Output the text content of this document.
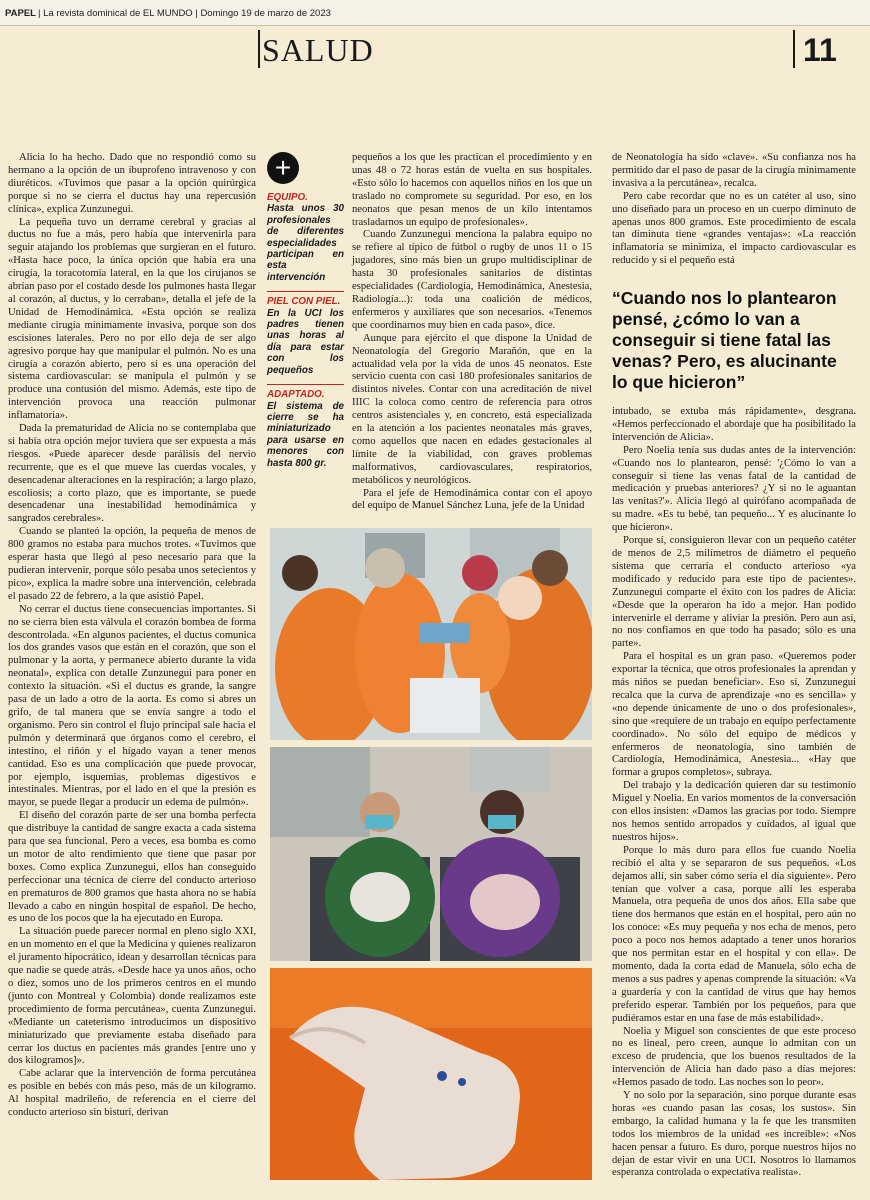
PAPEL | La revista dominical de EL MUNDO | Domingo 19 de marzo de 2023
SALUD	11

Alicia lo ha hecho. Dado que no respondió como su hermano a la opción de un ibuprofeno intravenoso y con diuréticos. «Tuvimos que pasar a la opción quirúrgica porque si no se cierra el ductus hay una repercusión clínica», explica Zunzunegui.

La pequeña tuvo un derrame cerebral y gracias al ductus no fue a más, pero había que intervenirla para seguir atajando los problemas que surgieran en el futuro. «Hasta hace poco, la única opción que había era una cirugía, la toracotomía lateral, en la que los cirujanos se abrían paso por el costado desde los pulmones hasta llegar al corazón, al ductus, y lo cerraban», detalla el jefe de la Unidad de Hemodinámica. «Esta opción se realiza mediante cirugía mínimamente invasiva, porque son dos escisiones laterales. Pero no por ello deja de ser algo agresivo porque hay que manipular el pulmón. No es una cirugía a corazón abierto, pero sí es una operación del sistema cardiovascular: se manipula el pulmón y se produce una contusión del mismo. Además, este tipo de intervención provoca una reacción pulmonar inflamatoria».

Dada la prematuridad de Alicia no se contemplaba que si había otra opción mejor tuviera que ser expuesta a más riesgos. «Puede aparecer desde parálisis del nervio recurrente, que es el que mueve las cuerdas vocales, y desencadenar alteraciones en la respiración; a largo plazo, escoliosis; a corto plazo, que es importante, se puede desencadenar una inestabilidad hemodinámica y sangrados cerebrales».

Cuando se planteó la opción, la pequeña de menos de 800 gramos no estaba para muchos trotes. «Tuvimos que esperar hasta que llegó al peso necesario para que la pudieran intervenir, porque sólo pesaba unos setecientos y pico», explica la madre sobre una intervención, celebrada el pasado 22 de febrero, a la que asistió Papel.

No cerrar el ductus tiene consecuencias importantes. Si no se cierra bien esta válvula el corazón bombea de forma descontrolada. «En algunos pacientes, el ductus comunica los dos grandes vasos que están en el corazón, que son el pulmonar y la aorta, y permanece abierto durante la vida neonatal», explica con detalle Zunzunegui para poner en contexto la situación. «Si el ductus es grande, la sangre pasa de un lado a otro de la aorta. Es como si abres un grifo, de tal manera que se envía sangre a todo el organismo. Pero sin control el flujo principal sale hacia el pulmón y determinará que órganos como el cerebro, el intestino, el riñón y el hígado vayan a tener menos cantidad. Eso es una complicación que puede provocar, por ejemplo, isquemias, problemas digestivos e intestinales. Mientras, por el lado en el que la presión es mayor, se puede llegar a producir un edema de pulmón».

El diseño del corazón parte de ser una bomba perfecta que distribuye la cantidad de sangre exacta a cada sistema para que sea funcional. Pero a veces, esa bomba es como un motor de alto rendimiento que tiene que pasar por boxes. Como explica Zunzunegui, ellos han conseguido perfeccionar una técnica de cierre del conducto arterioso en prematuros de 800 gramos que hasta ahora no se había llevado a cabo en ningún hospital de español. De hecho, es uno de los pocos que la ha ejecutado en Europa.

La situación puede parecer normal en pleno siglo XXI, en un momento en el que la Medicina y quienes realizaron el juramento hipocrático, idean y desarrollan técnicas para que nadie se quede atrás. «Desde hace ya unos años, ocho o diez, somos uno de los primeros centros en el mundo (junto con Montreal y Colombia) donde realizamos este procedimiento de forma percutánea», cuenta Zunzunegui. «Mediante un cateterismo introducimos un dispositivo miniaturizado que previamente estaba diseñado para cerrar los ductus en pacientes más grandes [entre uno y dos kilogramos]».

Cabe aclarar que la intervención de forma percutánea es posible en bebés con más peso, más de un kilogramo. Al hospital madrileño, de referencia en el cierre del conducto arterioso sin bisturí, derivan

+
EQUIPO.
Hasta unos 30 profesionales de diferentes especialidades participan en esta intervención
PIEL CON PIEL.
En la UCI los padres tienen unas horas al día para estar con los pequeños
ADAPTADO.
El sistema de cierre se ha miniaturizado para usarse en menores con hasta 800 gr.

pequeños a los que les practican el procedimiento y en unas 48 o 72 horas están de vuelta en sus hospitales. «Esto sólo lo hacemos con aquellos niños en los que un traslado no compromete su seguridad. Por eso, en los neonatos que pesan menos de un kilo intentamos trasladarnos un equipo de profesionales».

Cuando Zunzunegui menciona la palabra equipo no se refiere al típico de fútbol o rugby de unos 11 o 15 jugadores, sino más bien un grupo multidisciplinar de hasta 30 profesionales sanitarios de distintas especialidades (Cardiología, Hemodinámica, Anestesia, Radiología...): toda una coalición de médicos, enfermeros y auxiliares que son necesarios. «Tenemos que coordinarnos muy bien en cada paso», dice.

Aunque para ejército el que dispone la Unidad de Neonatología del Gregorio Marañón, que en la actualidad vela por la vida de unos 45 neonatos. Este servicio cuenta con casi 180 profesionales sanitarios de distintos niveles. Contar con una acreditación de nivel IIIC la coloca como centro de referencia para otros centros asistenciales y, en concreto, está especializada en la atención a los pacientes neonatales más graves, como aquellos que nacen en edades gestacionales al límite de la viabilidad, con graves problemas malformativos, cardiovasculares, respiratorios, metabólicos y neurológicos.

Para el jefe de Hemodinámica contar con el apoyo del equipo de Manuel Sánchez Luna, jefe de la Unidad

de Neonatología ha sido «clave». «Su confianza nos ha permitido dar el paso de pasar de la cirugía mínimamente invasiva a la percutánea», recalca.

Pero cabe recordar que no es un catéter al uso, sino uno diseñado para un proceso en un cuerpo diminuto de apenas unos 800 gramos. Este procedimiento de escala tan diminuta tiene «grandes ventajas»: «La reacción inflamatoria se minimiza, el impacto cardiovascular es reducido y si el pequeño está

“Cuando nos lo plantearon pensé, ¿cómo lo van a conseguir si tiene fatal las venas? Pero, es alucinante lo que hicieron”

intubado, se extuba más rápidamente», desgrana. «Hemos perfeccionado el abordaje que ha posibilitado la intervención de Alicia».

Pero Noelia tenía sus dudas antes de la intervención: «Cuando nos lo plantearon, pensé: '¿Cómo lo van a conseguir si tiene las venas fatal de la cantidad de medicación y pruebas anteriores? ¿Y si no le aguantan las venitas?'». Alicia llegó al quirófano acompañada de su madre. «Es tu bebé, tan pequeño... Y es alucinante lo que hicieron».

Porque sí, consiguieron llevar con un pequeño catéter de menos de 2,5 milímetros de diámetro el pequeño sistema que cerraría el conducto arterioso «ya modificado y reducido para este tipo de pacientes». Zunzunegui comparte el éxito con los padres de Alicia: «Desde que la operaron ha ido a mejor. Han podido intervenirle el derrame y aliviar la presión. Pero aun así, no nos confiamos en que todo ha pasado; sólo es una parte».

Para el hospital es un gran paso. «Queremos poder exportar la técnica, que otros profesionales la aprendan y más niños se puedan beneficiar». Eso sí, Zunzunegui recalca que la curva de aprendizaje «no es sencilla» y «no depende únicamente de uno o dos profesionales», sino que «requiere de un trabajo en equipo perfectamente coordinado». No sólo del equipo de médicos y enfermeros de neonatología, sino también de Cardiología, Hemodinámica, Anestesia... «Hay que formar a grupos completos», subraya.

Del trabajo y la dedicación quieren dar su testimonio Miguel y Noelia. En varios momentos de la conversación con ellos insisten: «Damos las gracias por todo. Siempre nos hemos sentido arropados y cuidados, al igual que nuestros hijos».

Porque lo más duro para ellos fue cuando Noelia recibió el alta y se separaron de sus pequeños. «Los dejamos allí, sin saber cómo sería el día siguiente». Pero tenían que volver a casa, porque allí les esperaba Manuela, otra pequeña de unos dos años. Ella sabe que tiene dos hermanos que están en el hospital, pero aún no los conoce: «Es muy pequeña y nos echa de menos, pero poco a poco nos hemos adaptado a tener unos horarios que nos permitan estar en el hospital y con ella». De momento, dada la corta edad de Manuela, sólo echa de menos a sus padres y apenas comprende la situación: «Va a guardería y con la cantidad de virus que hay hemos preferido esperar. También por los pequeños, para que pudiéramos estar en una fase de más estabilidad».

Noelia y Miguel son conscientes de que este proceso no es lineal, pero creen, aunque lo admitan con un exceso de prudencia, que los buenos resultados de la intervención de Alicia han dado paso a días mejores: «Hemos pasado de todo. Las noches son lo peor».

Y no solo por la separación, sino porque durante esas horas «es cuando pasan las cosas, los sustos». Sin embargo, la calidad humana y la fe que les transmiten todos los miembros de la unidad «es increíble»: «Nos hacen pensar a futuro. Es duro, porque nuestros hijos no dejan de estar vivir en una UCI. Nosotros lo llamamos esperanza controlada o expectativa realista».
